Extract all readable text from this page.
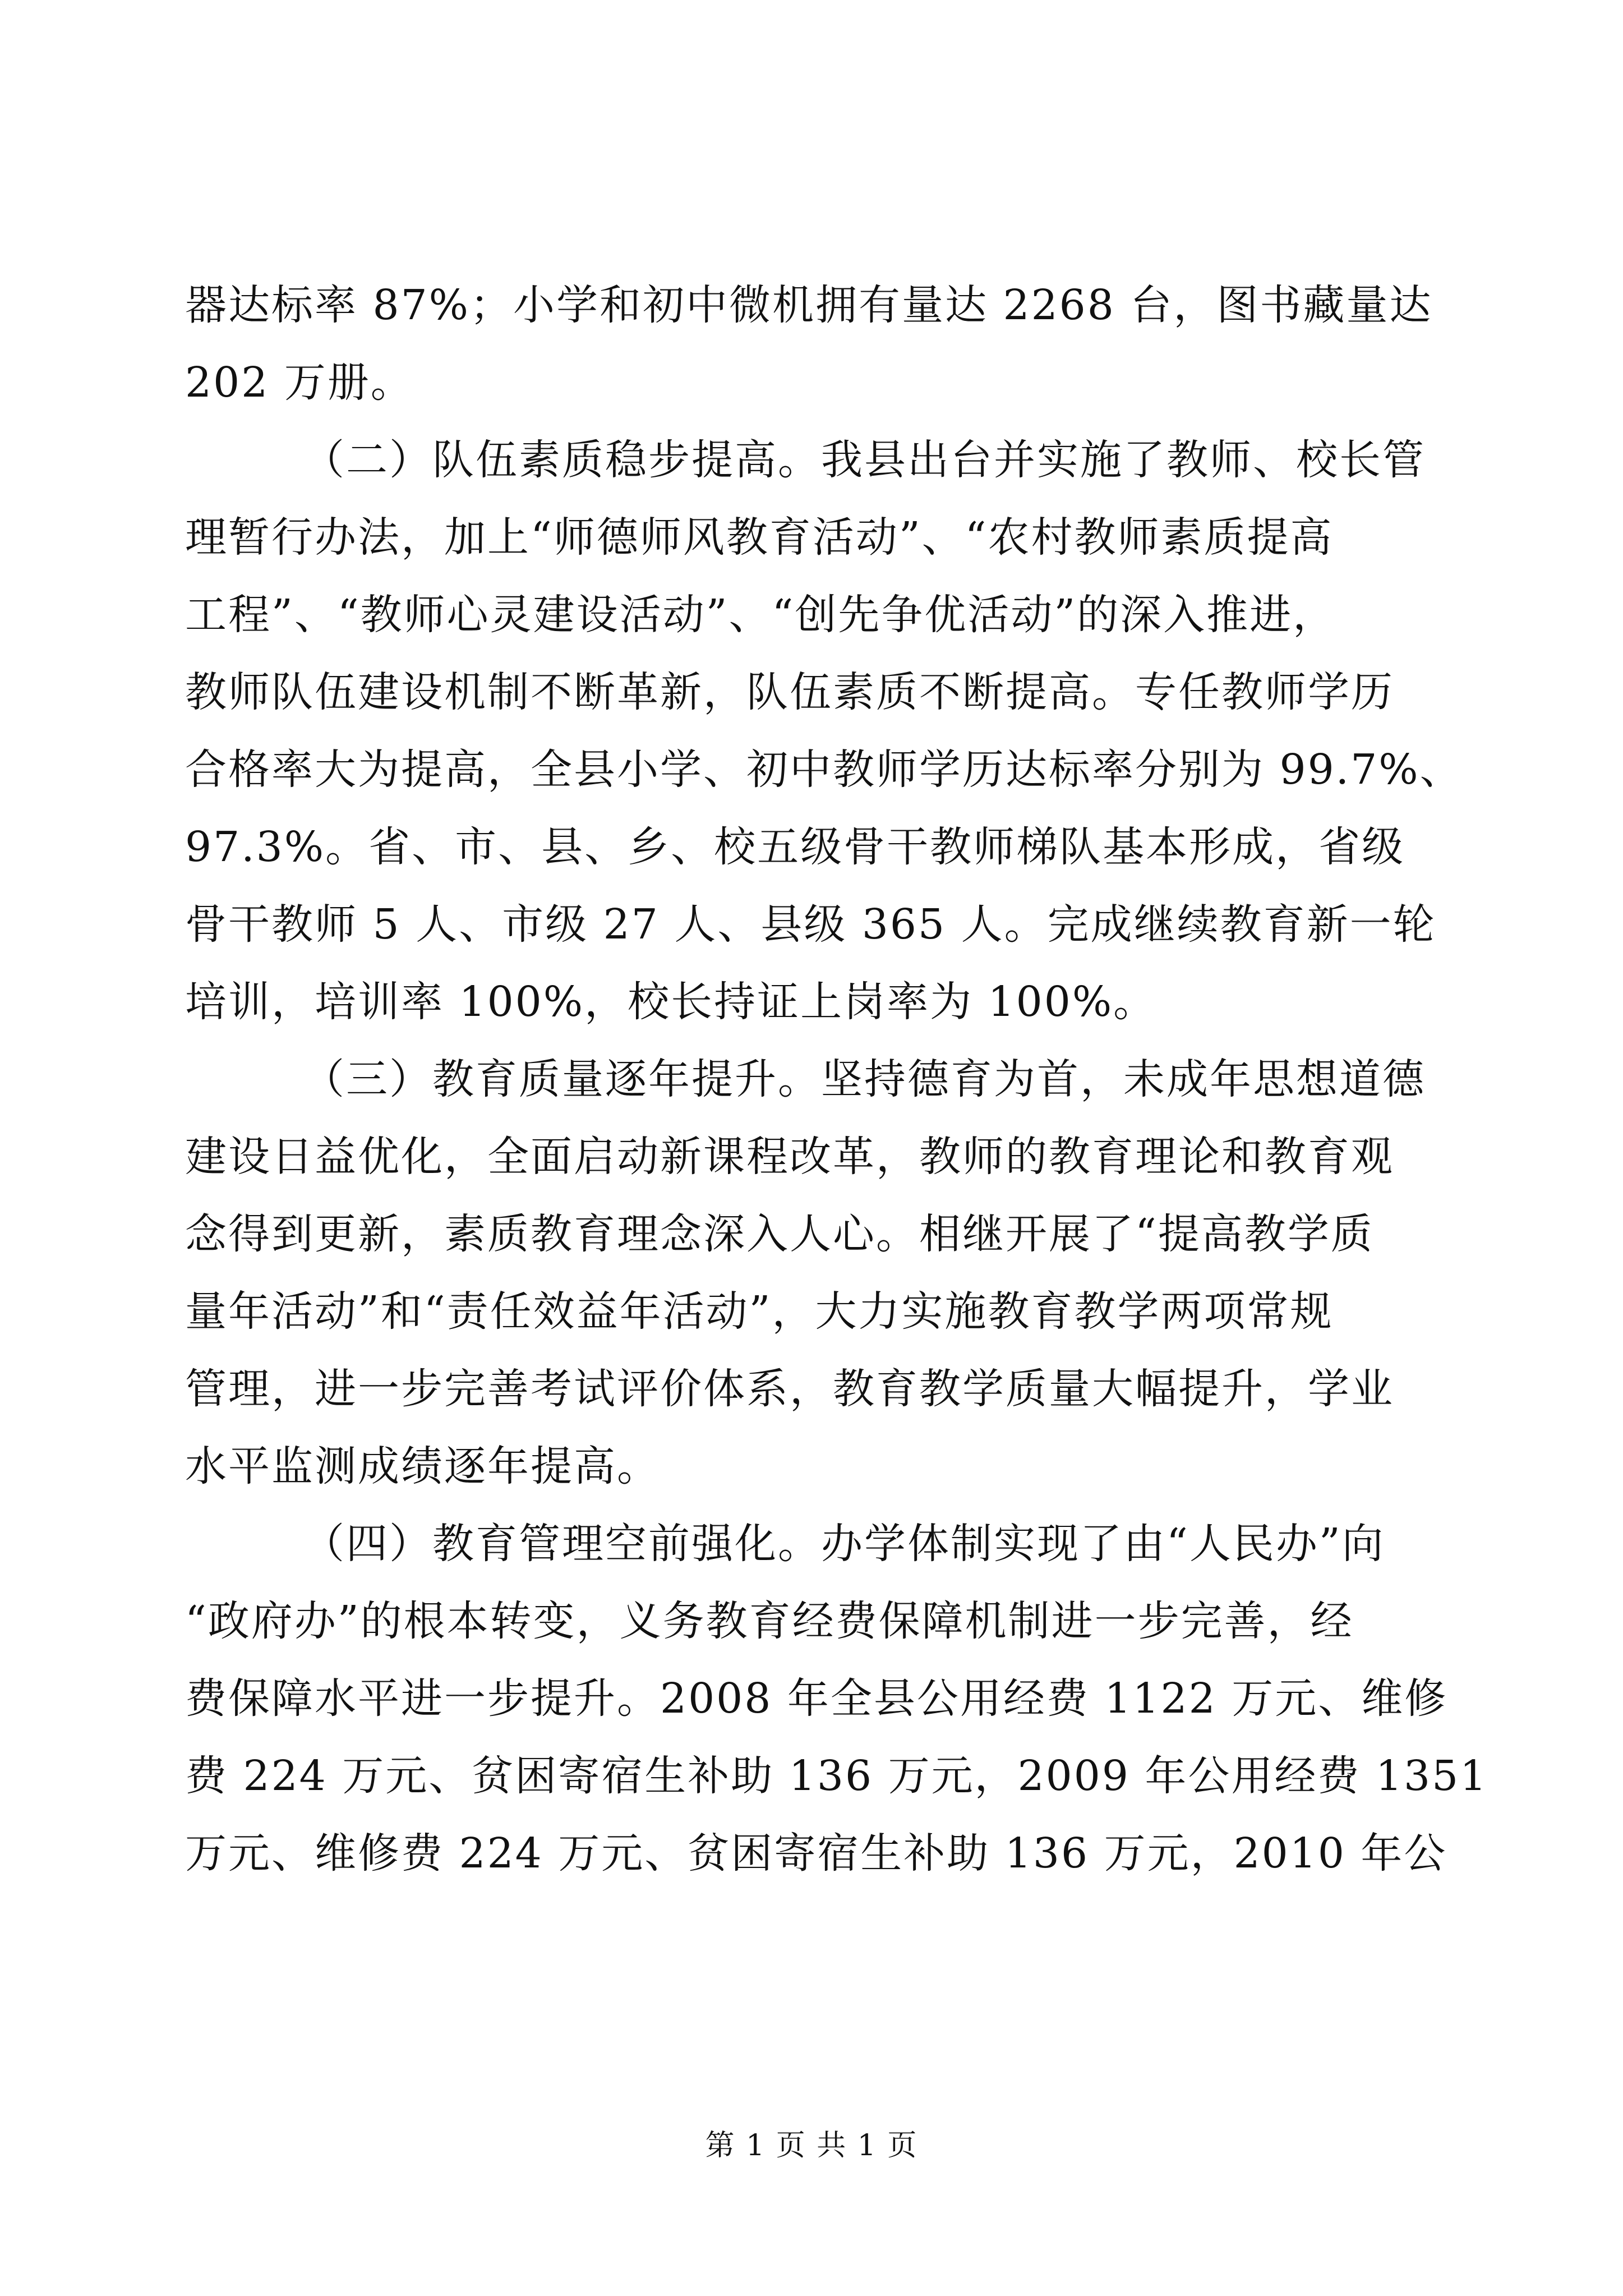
器达标率 87%；小学和初中微机拥有量达 2268 台，图书藏量达
202 万册。
（二）队伍素质稳步提高。我县出台并实施了教师、校长管
理暂行办法，加上“师德师风教育活动”、“农村教师素质提高
工程”、“教师心灵建设活动”、“创先争优活动”的深入推进，
教师队伍建设机制不断革新，队伍素质不断提高。专任教师学历
合格率大为提高，全县小学、初中教师学历达标率分别为 99.7%、
97.3%。省、市、县、乡、校五级骨干教师梯队基本形成，省级
骨干教师 5 人、市级 27 人、县级 365 人。完成继续教育新一轮
培训，培训率 100%，校长持证上岗率为 100%。
（三）教育质量逐年提升。坚持德育为首，未成年思想道德
建设日益优化，全面启动新课程改革，教师的教育理论和教育观
念得到更新，素质教育理念深入人心。相继开展了“提高教学质
量年活动”和“责任效益年活动”，大力实施教育教学两项常规
管理，进一步完善考试评价体系，教育教学质量大幅提升，学业
水平监测成绩逐年提高。
（四）教育管理空前强化。办学体制实现了由“人民办”向
“政府办”的根本转变，义务教育经费保障机制进一步完善，经
费保障水平进一步提升。2008 年全县公用经费 1122 万元、维修
费 224 万元、贫困寄宿生补助 136 万元，2009 年公用经费 1351
万元、维修费 224 万元、贫困寄宿生补助 136 万元，2010 年公
第 1 页 共 1 页
